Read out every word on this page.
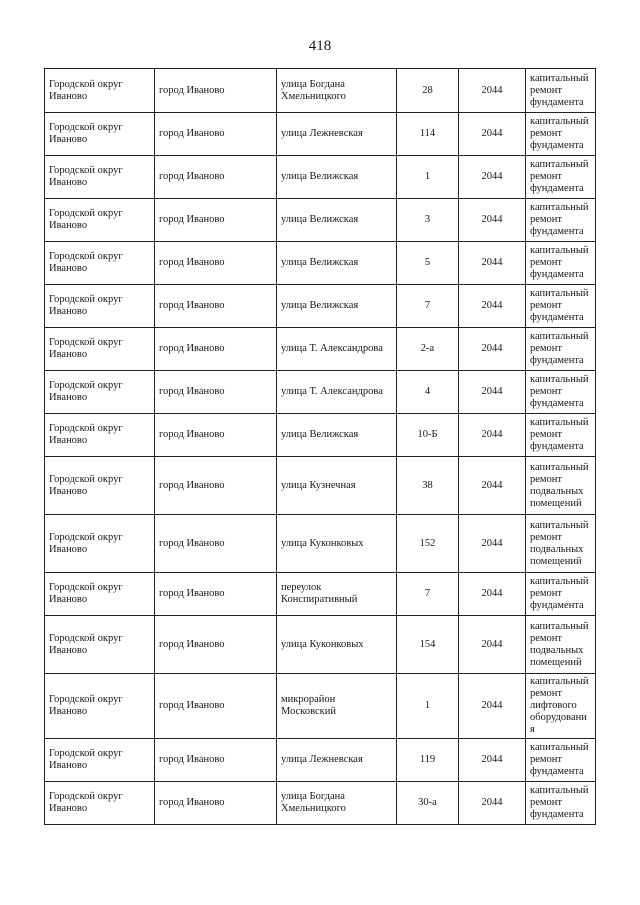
418
Городской округ Иваново	город Иваново	улица Богдана Хмельницкого	28	2044	капитальный ремонт фундамента
Городской округ Иваново	город Иваново	улица Лежневская	114	2044	капитальный ремонт фундамента
Городской округ Иваново	город Иваново	улица Велижская	1	2044	капитальный ремонт фундамента
Городской округ Иваново	город Иваново	улица Велижская	3	2044	капитальный ремонт фундамента
Городской округ Иваново	город Иваново	улица Велижская	5	2044	капитальный ремонт фундамента
Городской округ Иваново	город Иваново	улица Велижская	7	2044	капитальный ремонт фундамента
Городской округ Иваново	город Иваново	улица Т. Александрова	2-а	2044	капитальный ремонт фундамента
Городской округ Иваново	город Иваново	улица Т. Александрова	4	2044	капитальный ремонт фундамента
Городской округ Иваново	город Иваново	улица Велижская	10-Б	2044	капитальный ремонт фундамента
Городской округ Иваново	город Иваново	улица Кузнечная	38	2044	капитальный ремонт подвальных помещений
Городской округ Иваново	город Иваново	улица Куконковых	152	2044	капитальный ремонт подвальных помещений
Городской округ Иваново	город Иваново	переулок Конспиративный	7	2044	капитальный ремонт фундамента
Городской округ Иваново	город Иваново	улица Куконковых	154	2044	капитальный ремонт подвальных помещений
Городской округ Иваново	город Иваново	микрорайон Московский	1	2044	капитальный ремонт лифтового оборудования
Городской округ Иваново	город Иваново	улица Лежневская	119	2044	капитальный ремонт фундамента
Городской округ Иваново	город Иваново	улица Богдана Хмельницкого	30-а	2044	капитальный ремонт фундамента
